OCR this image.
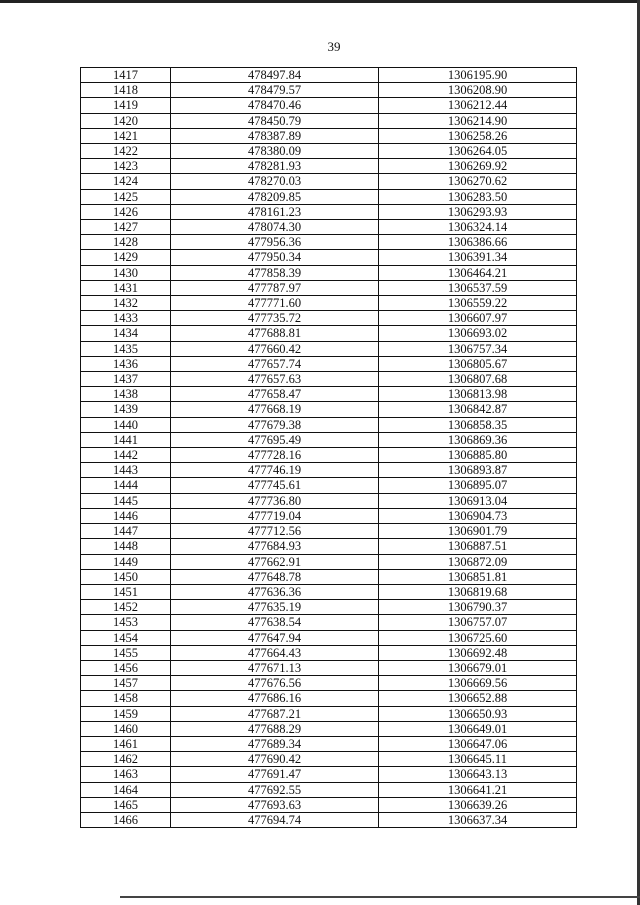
39
1417	478497.84	1306195.90
1418	478479.57	1306208.90
1419	478470.46	1306212.44
1420	478450.79	1306214.90
1421	478387.89	1306258.26
1422	478380.09	1306264.05
1423	478281.93	1306269.92
1424	478270.03	1306270.62
1425	478209.85	1306283.50
1426	478161.23	1306293.93
1427	478074.30	1306324.14
1428	477956.36	1306386.66
1429	477950.34	1306391.34
1430	477858.39	1306464.21
1431	477787.97	1306537.59
1432	477771.60	1306559.22
1433	477735.72	1306607.97
1434	477688.81	1306693.02
1435	477660.42	1306757.34
1436	477657.74	1306805.67
1437	477657.63	1306807.68
1438	477658.47	1306813.98
1439	477668.19	1306842.87
1440	477679.38	1306858.35
1441	477695.49	1306869.36
1442	477728.16	1306885.80
1443	477746.19	1306893.87
1444	477745.61	1306895.07
1445	477736.80	1306913.04
1446	477719.04	1306904.73
1447	477712.56	1306901.79
1448	477684.93	1306887.51
1449	477662.91	1306872.09
1450	477648.78	1306851.81
1451	477636.36	1306819.68
1452	477635.19	1306790.37
1453	477638.54	1306757.07
1454	477647.94	1306725.60
1455	477664.43	1306692.48
1456	477671.13	1306679.01
1457	477676.56	1306669.56
1458	477686.16	1306652.88
1459	477687.21	1306650.93
1460	477688.29	1306649.01
1461	477689.34	1306647.06
1462	477690.42	1306645.11
1463	477691.47	1306643.13
1464	477692.55	1306641.21
1465	477693.63	1306639.26
1466	477694.74	1306637.34
